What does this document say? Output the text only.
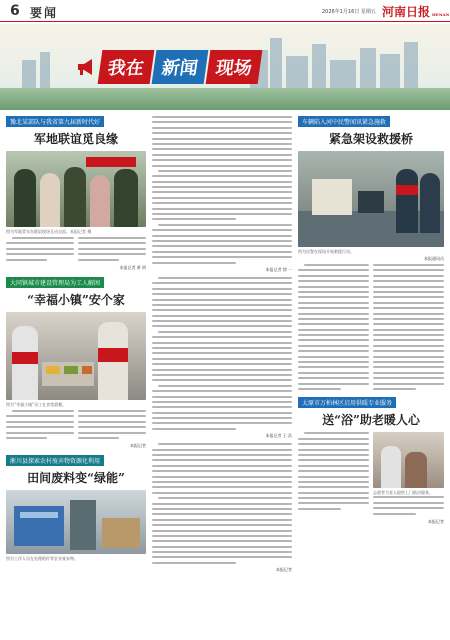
6 要闻	2026年1月16日 星期五 河南日报 HENAN
我在 新闻 现场
豫北某部队与我省第九届新时代好
军地联谊觅良缘
图为军地青年在联谊现场互动交流。本报记者 摄
本报记者 黄 明
大同镇城市建设管理局为工人解困
“幸福小镇”安个家
图为“幸福小镇”员工在食堂就餐。
本报记者
淅川县探索农村废弃物资源化利用
田间废料变“绿能”
图为工作人员在处理秸秆等农业废弃物。
本报记者 徐 一
本报记者 王 浩
本报记者
车辆陷入河中民警闻讯紧急施救
紧急架设救援桥
图为民警在现场开展救援行动。
本报通讯员
太原市万柏林区启用供暖专业服务
送“浴”助老暖人心
志愿者为老人提供上门助浴服务。
本报记者
